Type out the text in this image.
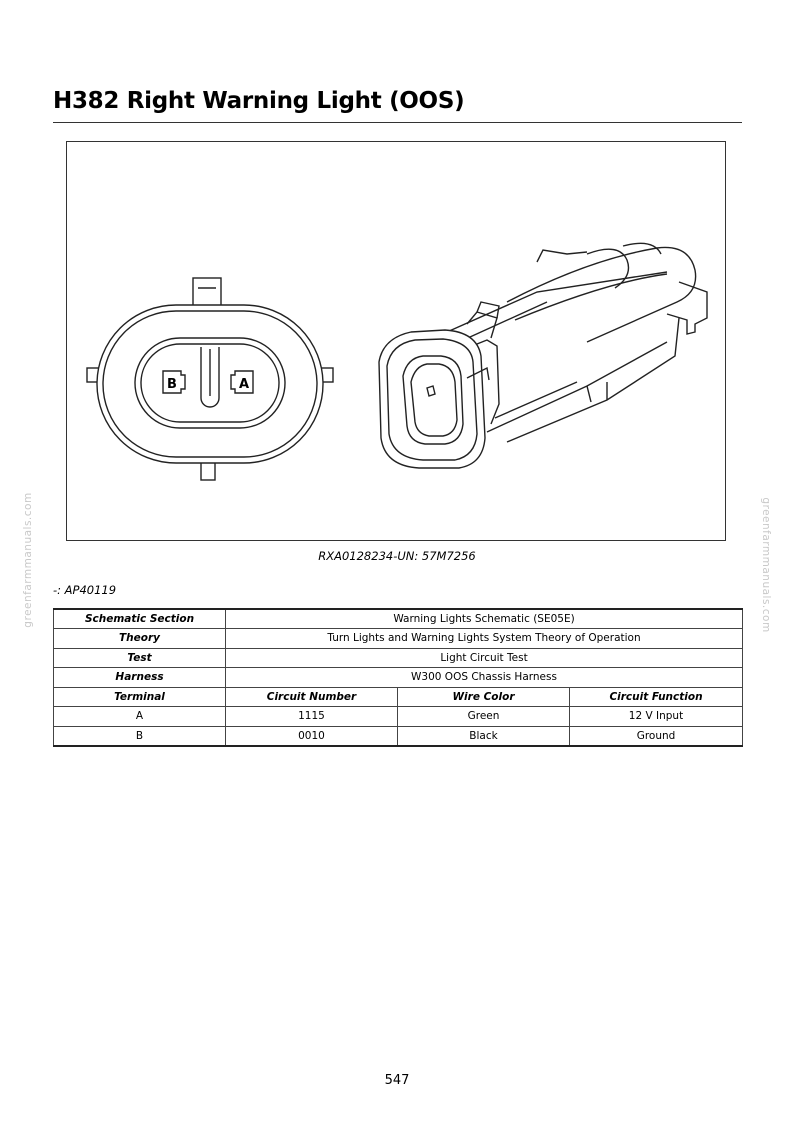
H382 Right Warning Light (OOS)
B	A
RXA0128234-UN: 57M7256
-: AP40119
Schematic Section	Warning Lights Schematic (SE05E)		
Theory	Turn Lights and Warning Lights System Theory of Operation		
Test	Light Circuit Test		
Harness	W300 OOS Chassis Harness		
Terminal	Circuit Number	Wire Color	Circuit Function
A	1115	Green	12 V Input
B	0010	Black	Ground
greenfarmmanuals.com	greenfarmmanuals.com
547
